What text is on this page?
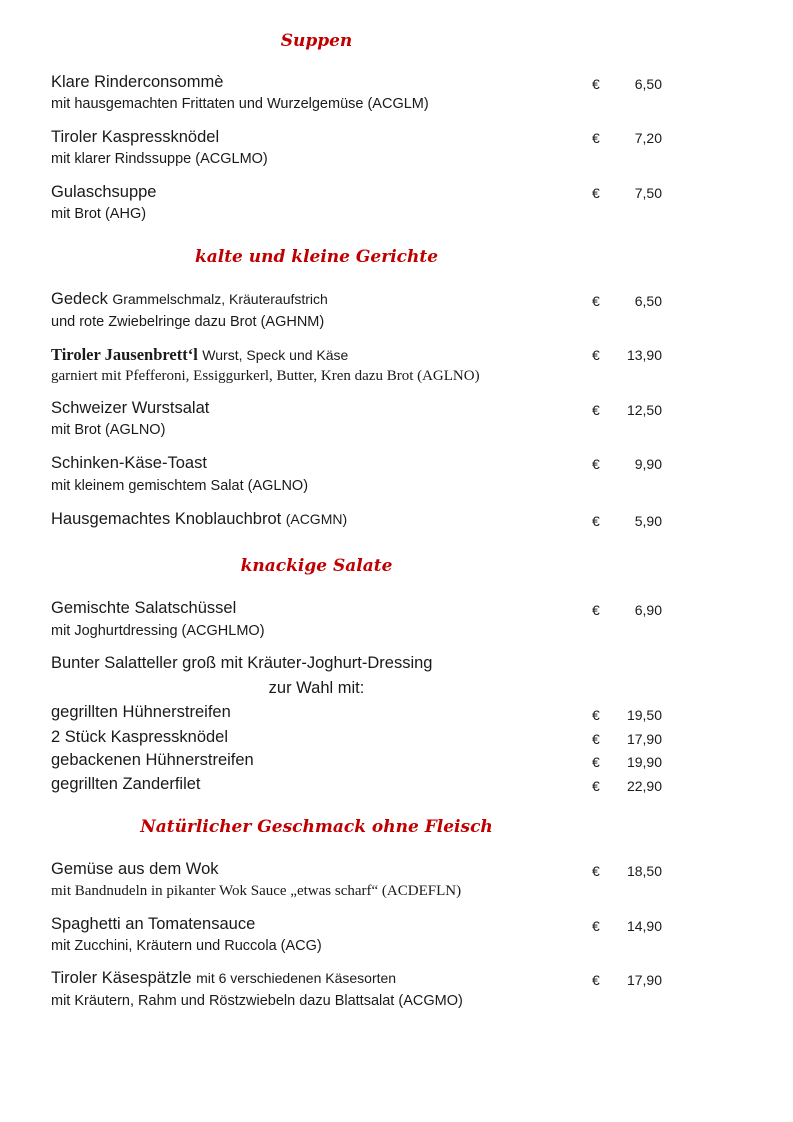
Suppen
Klare Rinderconsommè	€	6,50
mit hausgemachten Frittaten und Wurzelgemüse (ACGLM)
Tiroler Kaspressknödel	€	7,20
mit klarer Rindssuppe (ACGLMO)
Gulaschsuppe	€	7,50
mit Brot (AHG)
kalte und kleine Gerichte
Gedeck Grammelschmalz, Kräuteraufstrich	€	6,50
und rote Zwiebelringe dazu Brot (AGHNM)
Tiroler Jausenbrett‘l Wurst, Speck und Käse	€	13,90
garniert mit Pfefferoni, Essiggurkerl, Butter, Kren dazu Brot (AGLNO)
Schweizer Wurstsalat	€	12,50
mit Brot (AGLNO)
Schinken-Käse-Toast	€	9,90
mit kleinem gemischtem Salat (AGLNO)
Hausgemachtes Knoblauchbrot (ACGMN)	€	5,90
knackige Salate
Gemischte Salatschüssel	€	6,90
mit Joghurtdressing (ACGHLMO)
Bunter Salatteller groß mit Kräuter-Joghurt-Dressing
zur Wahl mit:
gegrillten Hühnerstreifen	€	19,50
2 Stück Kaspressknödel	€	17,90
gebackenen Hühnerstreifen	€	19,90
gegrillten Zanderfilet	€	22,90
Natürlicher Geschmack ohne Fleisch
Gemüse aus dem Wok	€	18,50
mit Bandnudeln in pikanter Wok Sauce „etwas scharf“ (ACDEFLN)
Spaghetti an Tomatensauce	€	14,90
mit Zucchini, Kräutern und Ruccola (ACG)
Tiroler Käsespätzle mit 6 verschiedenen Käsesorten	€	17,90
mit Kräutern, Rahm und Röstzwiebeln dazu Blattsalat (ACGMO)
